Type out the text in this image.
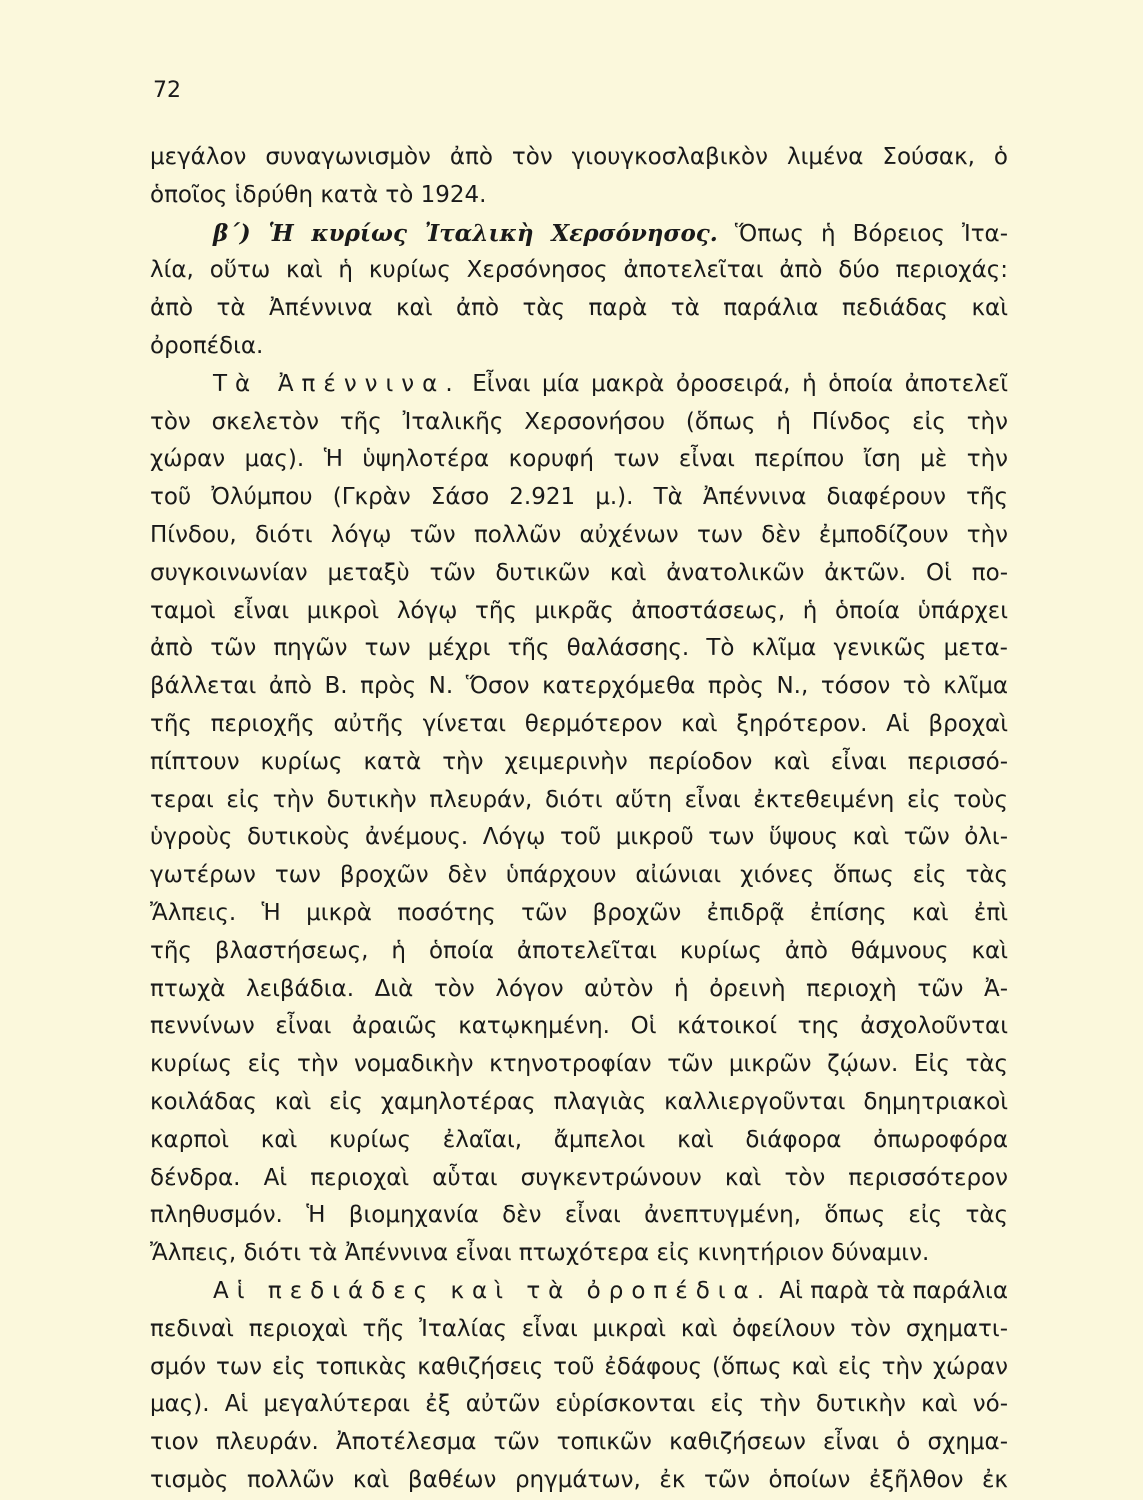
72
μεγάλον συναγωνισμὸν ἀπὸ τὸν γιουγκοσλαβικὸν λιμένα Σούσακ, ὁ
ὁποῖος ἱδρύθη κατὰ τὸ 1924.
β΄) Ἡ κυρίως Ἰταλικὴ Χερσόνησος. Ὅπως ἡ Βόρειος Ἰτα-
λία, οὕτω καὶ ἡ κυρίως Χερσόνησος ἀποτελεῖται ἀπὸ δύο περιοχάς:
ἀπὸ τὰ Ἀπέννινα καὶ ἀπὸ τὰς παρὰ τὰ παράλια πεδιάδας καὶ
ὀροπέδια.
Τὰ Ἀπέννινα. Εἶναι μία μακρὰ ὀροσειρά, ἡ ὁποία ἀποτελεῖ
τὸν σκελετὸν τῆς Ἰταλικῆς Χερσονήσου (ὅπως ἡ Πίνδος εἰς τὴν
χώραν μας). Ἡ ὑψηλοτέρα κορυφή των εἶναι περίπου ἴση μὲ τὴν
τοῦ Ὀλύμπου (Γκρὰν Σάσο 2.921 μ.). Τὰ Ἀπέννινα διαφέρουν τῆς
Πίνδου, διότι λόγῳ τῶν πολλῶν αὐχένων των δὲν ἐμποδίζουν τὴν
συγκοινωνίαν μεταξὺ τῶν δυτικῶν καὶ ἀνατολικῶν ἀκτῶν. Οἱ πο-
ταμοὶ εἶναι μικροὶ λόγῳ τῆς μικρᾶς ἀποστάσεως, ἡ ὁποία ὑπάρχει
ἀπὸ τῶν πηγῶν των μέχρι τῆς θαλάσσης. Τὸ κλῖμα γενικῶς μετα-
βάλλεται ἀπὸ Β. πρὸς Ν. Ὅσον κατερχόμεθα πρὸς Ν., τόσον τὸ κλῖμα
τῆς περιοχῆς αὐτῆς γίνεται θερμότερον καὶ ξηρότερον. Αἱ βροχαὶ
πίπτουν κυρίως κατὰ τὴν χειμερινὴν περίοδον καὶ εἶναι περισσό-
τεραι εἰς τὴν δυτικὴν πλευράν, διότι αὕτη εἶναι ἐκτεθειμένη εἰς τοὺς
ὑγροὺς δυτικοὺς ἀνέμους. Λόγῳ τοῦ μικροῦ των ὕψους καὶ τῶν ὀλι-
γωτέρων των βροχῶν δὲν ὑπάρχουν αἰώνιαι χιόνες ὅπως εἰς τὰς
Ἄλπεις. Ἡ μικρὰ ποσότης τῶν βροχῶν ἐπιδρᾷ ἐπίσης καὶ ἐπὶ
τῆς βλαστήσεως, ἡ ὁποία ἀποτελεῖται κυρίως ἀπὸ θάμνους καὶ
πτωχὰ λειβάδια. Διὰ τὸν λόγον αὐτὸν ἡ ὀρεινὴ περιοχὴ τῶν Ἀ-
πεννίνων εἶναι ἀραιῶς κατῳκημένη. Οἱ κάτοικοί της ἀσχολοῦνται
κυρίως εἰς τὴν νομαδικὴν κτηνοτροφίαν τῶν μικρῶν ζῴων. Εἰς τὰς
κοιλάδας καὶ εἰς χαμηλοτέρας πλαγιὰς καλλιεργοῦνται δημητριακοὶ
καρποὶ καὶ κυρίως ἐλαῖαι, ἄμπελοι καὶ διάφορα ὀπωροφόρα
δένδρα. Αἱ περιοχαὶ αὗται συγκεντρώνουν καὶ τὸν περισσότερον
πληθυσμόν. Ἡ βιομηχανία δὲν εἶναι ἀνεπτυγμένη, ὅπως εἰς τὰς
Ἄλπεις, διότι τὰ Ἀπέννινα εἶναι πτωχότερα εἰς κινητήριον δύναμιν.
Αἱ πεδιάδες καὶ τὰ ὀροπέδια. Αἱ παρὰ τὰ παράλια
πεδιναὶ περιοχαὶ τῆς Ἰταλίας εἶναι μικραὶ καὶ ὀφείλουν τὸν σχηματι-
σμόν των εἰς τοπικὰς καθιζήσεις τοῦ ἐδάφους (ὅπως καὶ εἰς τὴν χώραν
μας). Αἱ μεγαλύτεραι ἐξ αὐτῶν εὑρίσκονται εἰς τὴν δυτικὴν καὶ νό-
τιον πλευράν. Ἀποτέλεσμα τῶν τοπικῶν καθιζήσεων εἶναι ὁ σχημα-
τισμὸς πολλῶν καὶ βαθέων ρηγμάτων, ἐκ τῶν ὁποίων ἐξῆλθον ἐκ
